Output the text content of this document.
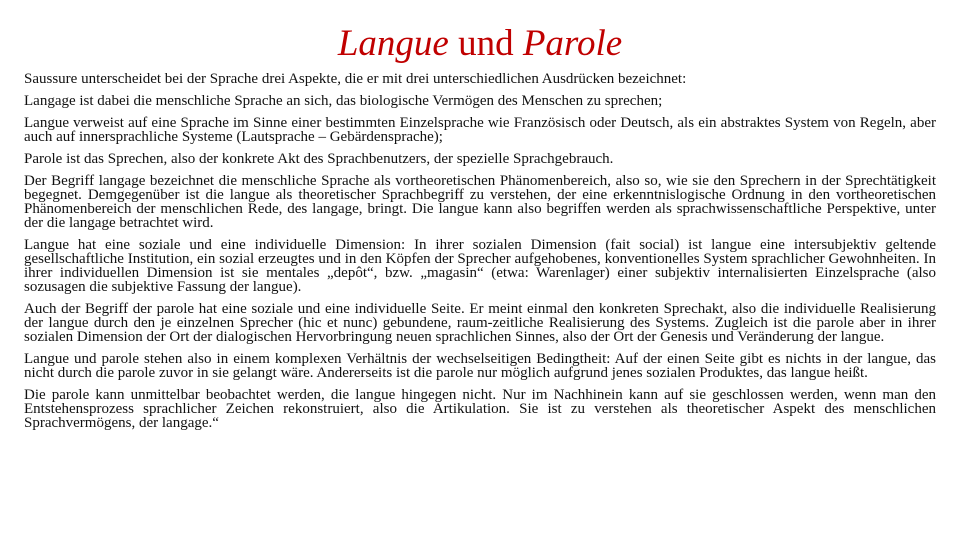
Langue und Parole

Saussure unterscheidet bei der Sprache drei Aspekte, die er mit drei unterschiedlichen Ausdrücken bezeichnet:

Langage ist dabei die menschliche Sprache an sich, das biologische Vermögen des Menschen zu sprechen;

Langue verweist auf eine Sprache im Sinne einer bestimmten Einzelsprache wie Französisch oder Deutsch, als ein abstraktes System von Regeln, aber auch auf innersprachliche Systeme (Lautsprache – Gebärdensprache);

Parole ist das Sprechen, also der konkrete Akt des Sprachbenutzers, der spezielle Sprachgebrauch.

Der Begriff langage bezeichnet die menschliche Sprache als vortheoretischen Phänomenbereich, also so, wie sie den Sprechern in der Sprechtätigkeit begegnet. Demgegenüber ist die langue als theoretischer Sprachbegriff zu verstehen, der eine erkenntnislogische Ordnung in den vortheoretischen Phänomenbereich der menschlichen Rede, des langage, bringt. Die langue kann also begriffen werden als sprachwissenschaftliche Perspektive, unter der die langage betrachtet wird.

Langue hat eine soziale und eine individuelle Dimension: In ihrer sozialen Dimension (fait social) ist langue eine intersubjektiv geltende gesellschaftliche Institution, ein sozial erzeugtes und in den Köpfen der Sprecher aufgehobenes, konventionelles System sprachlicher Gewohnheiten. In ihrer individuellen Dimension ist sie mentales „depôt“, bzw. „magasin“ (etwa: Warenlager) einer subjektiv internalisierten Einzelsprache (also sozusagen die subjektive Fassung der langue).

Auch der Begriff der parole hat eine soziale und eine individuelle Seite. Er meint einmal den konkreten Sprechakt, also die individuelle Realisierung der langue durch den je einzelnen Sprecher (hic et nunc) gebundene, raum-zeitliche Realisierung des Systems. Zugleich ist die parole aber in ihrer sozialen Dimension der Ort der dialogischen Hervorbringung neuen sprachlichen Sinnes, also der Ort der Genesis und Veränderung der langue.

Langue und parole stehen also in einem komplexen Verhältnis der wechselseitigen Bedingtheit: Auf der einen Seite gibt es nichts in der langue, das nicht durch die parole zuvor in sie gelangt wäre. Andererseits ist die parole nur möglich aufgrund jenes sozialen Produktes, das langue heißt.

Die parole kann unmittelbar beobachtet werden, die langue hingegen nicht. Nur im Nachhinein kann auf sie geschlossen werden, wenn man den Entstehensprozess sprachlicher Zeichen rekonstruiert, also die Artikulation. Sie ist zu verstehen als theoretischer Aspekt des menschlichen Sprachvermögens, der langage.“
